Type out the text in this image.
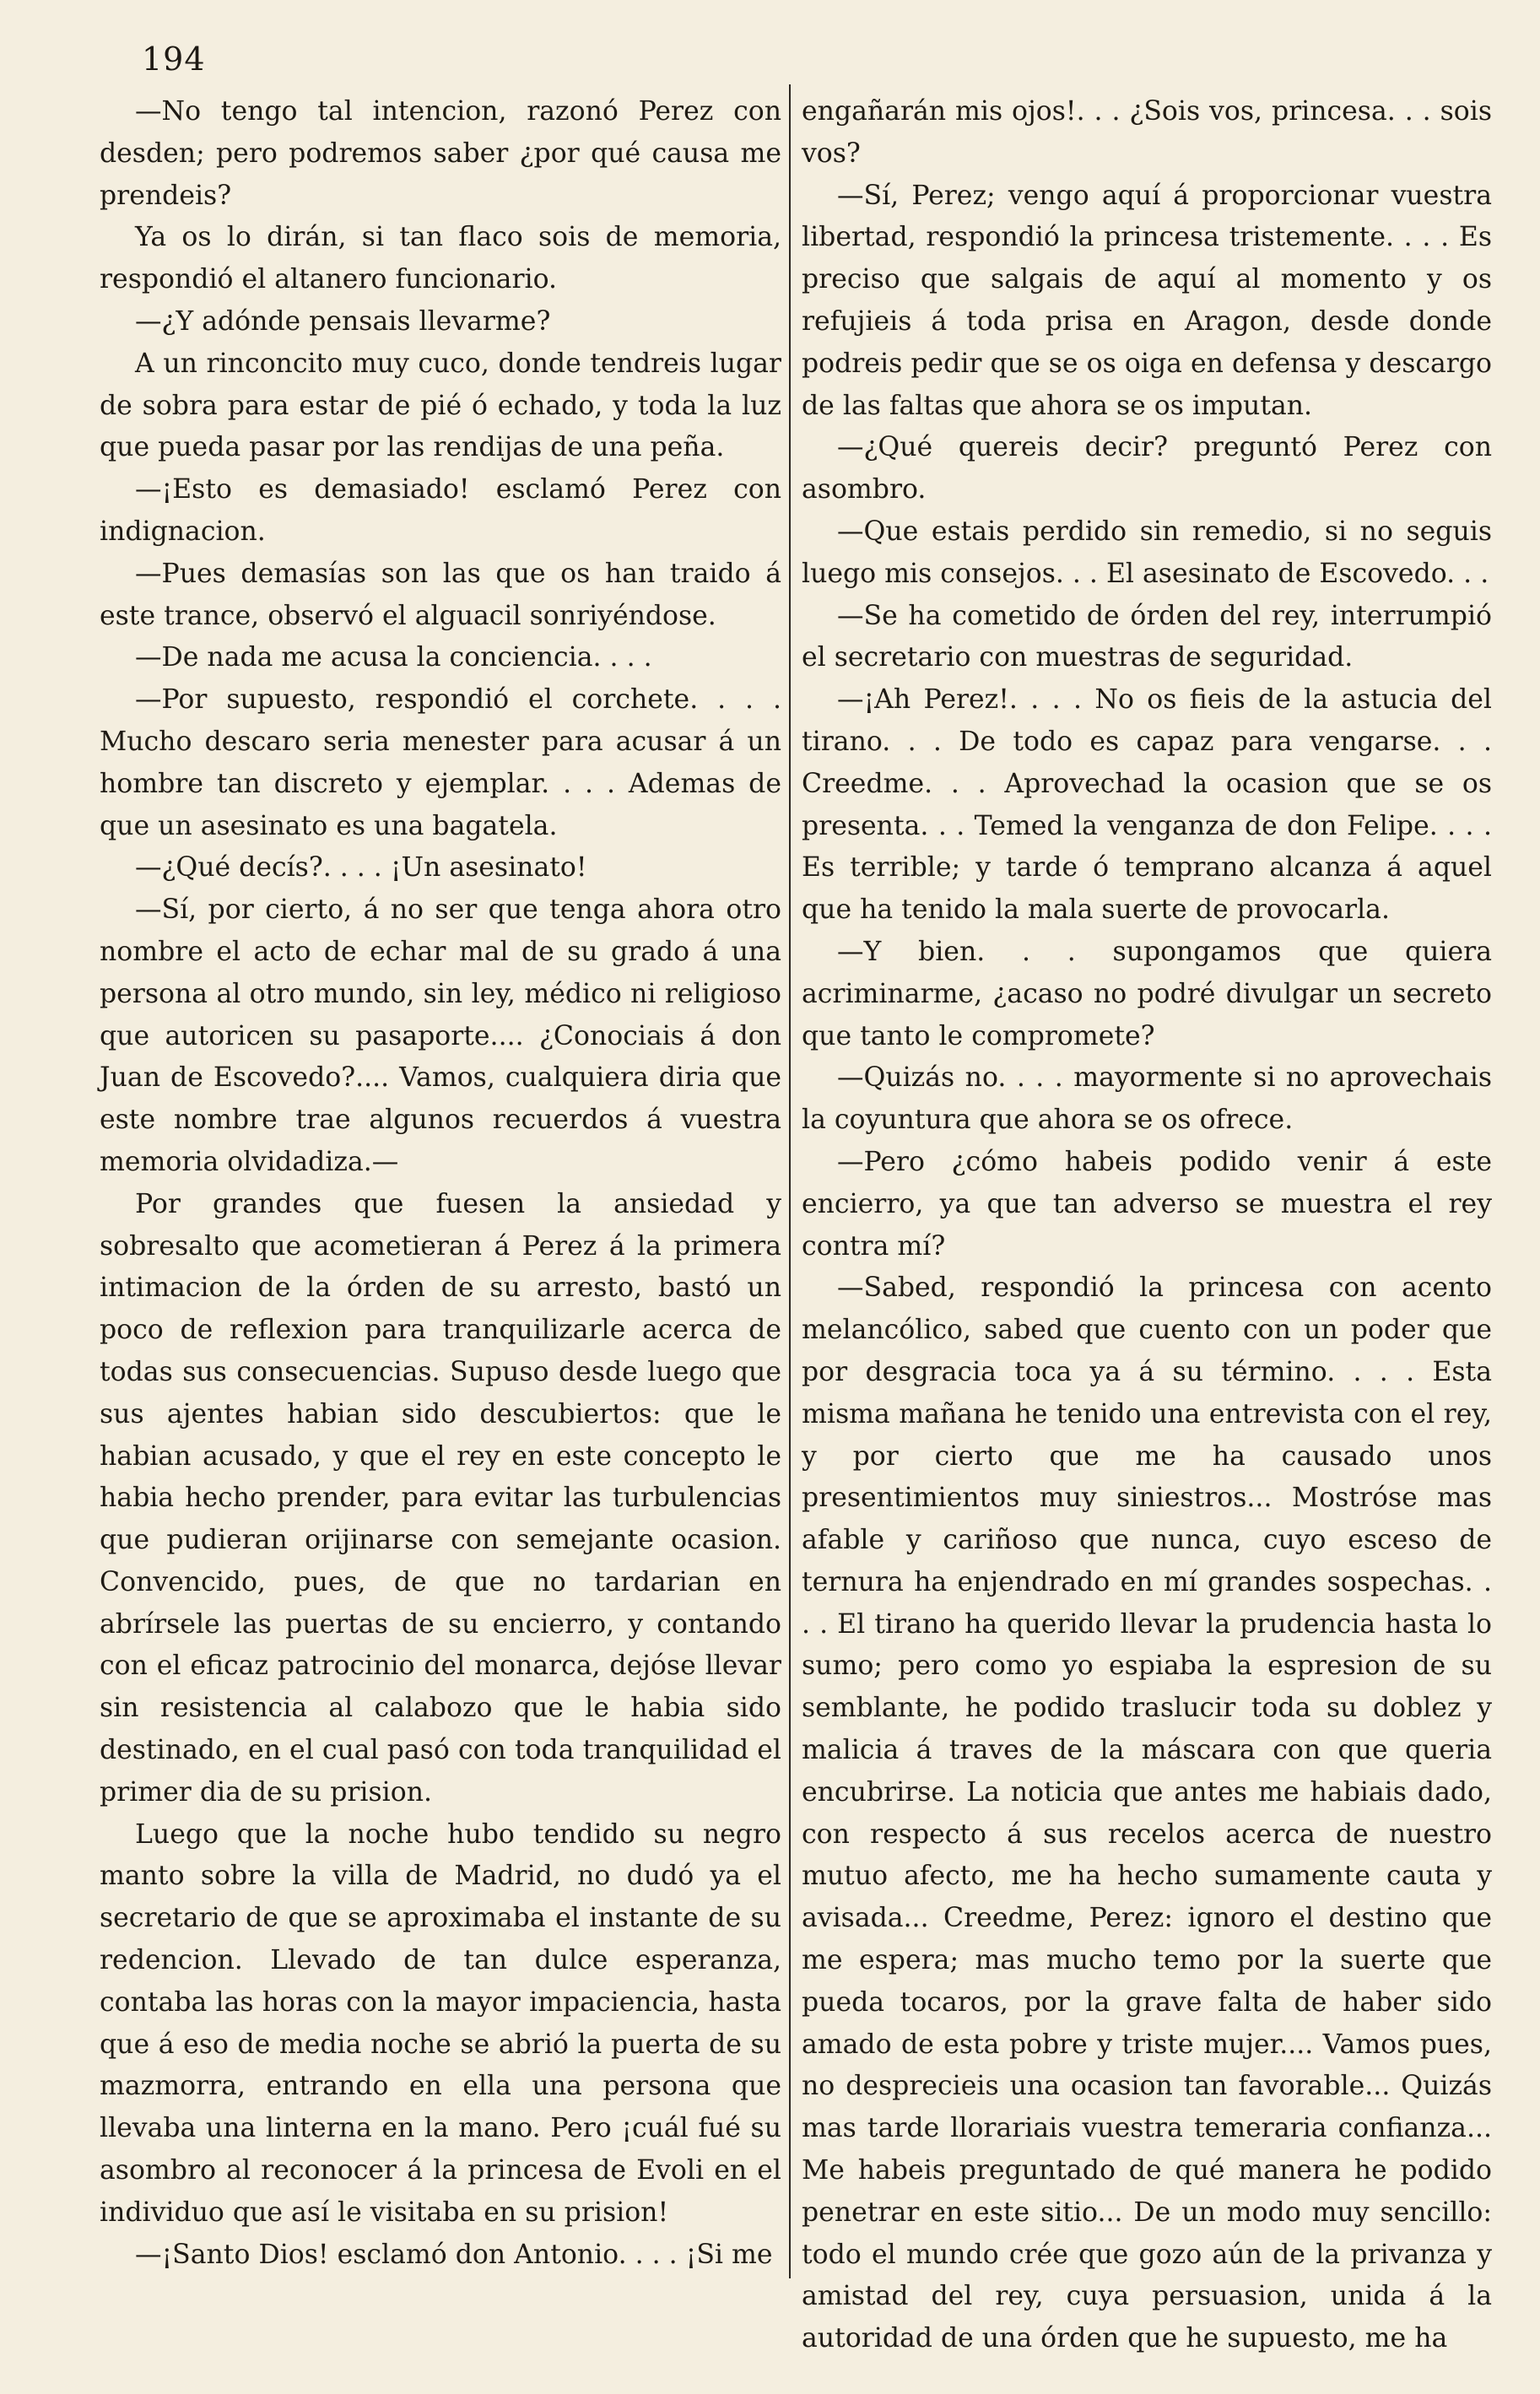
194

—No tengo tal intencion, razonó Perez con desden; pero podremos saber ¿por qué causa me prendeis?

Ya os lo dirán, si tan flaco sois de memoria, respondió el altanero funcionario.

—¿Y adónde pensais llevarme?

A un rinconcito muy cuco, donde tendreis lugar de sobra para estar de pié ó echado, y toda la luz que pueda pasar por las rendijas de una peña.

—¡Esto es demasiado! esclamó Perez con indignacion.

—Pues demasías son las que os han traido á este trance, observó el alguacil sonriyéndose.

—De nada me acusa la conciencia. . . .

—Por supuesto, respondió el corchete. . . . Mucho descaro seria menester para acusar á un hombre tan discreto y ejemplar. . . . Ademas de que un asesinato es una bagatela.

—¿Qué decís?. . . . ¡Un asesinato!

—Sí, por cierto, á no ser que tenga ahora otro nombre el acto de echar mal de su grado á una persona al otro mundo, sin ley, médico ni religioso que autoricen su pasaporte.... ¿Conociais á don Juan de Escovedo?.... Vamos, cualquiera diria que este nombre trae algunos recuerdos á vuestra memoria olvidadiza.—

Por grandes que fuesen la ansiedad y sobresalto que acometieran á Perez á la primera intimacion de la órden de su arresto, bastó un poco de reflexion para tranquilizarle acerca de todas sus consecuencias. Supuso desde luego que sus ajentes habian sido descubiertos: que le habian acusado, y que el rey en este concepto le habia hecho prender, para evitar las turbulencias que pudieran orijinarse con semejante ocasion. Convencido, pues, de que no tardarian en abrírsele las puertas de su encierro, y contando con el eficaz patrocinio del monarca, dejóse llevar sin resistencia al calabozo que le habia sido destinado, en el cual pasó con toda tranquilidad el primer dia de su prision.

Luego que la noche hubo tendido su negro manto sobre la villa de Madrid, no dudó ya el secretario de que se aproximaba el instante de su redencion. Llevado de tan dulce esperanza, contaba las horas con la mayor impaciencia, hasta que á eso de media noche se abrió la puerta de su mazmorra, entrando en ella una persona que llevaba una linterna en la mano. Pero ¡cuál fué su asombro al reconocer á la princesa de Evoli en el individuo que así le visitaba en su prision!

—¡Santo Dios! esclamó don Antonio. . . . ¡Si me

engañarán mis ojos!. . . ¿Sois vos, princesa. . . sois vos?

—Sí, Perez; vengo aquí á proporcionar vuestra libertad, respondió la princesa tristemente. . . . Es preciso que salgais de aquí al momento y os refujieis á toda prisa en Aragon, desde donde podreis pedir que se os oiga en defensa y descargo de las faltas que ahora se os imputan.

—¿Qué quereis decir? preguntó Perez con asombro.

—Que estais perdido sin remedio, si no seguis luego mis consejos. . . El asesinato de Escovedo. . .

—Se ha cometido de órden del rey, interrumpió el secretario con muestras de seguridad.

—¡Ah Perez!. . . . No os fieis de la astucia del tirano. . . De todo es capaz para vengarse. . . Creedme. . . Aprovechad la ocasion que se os presenta. . . Temed la venganza de don Felipe. . . . Es terrible; y tarde ó temprano alcanza á aquel que ha tenido la mala suerte de provocarla.

—Y bien. . . supongamos que quiera acriminarme, ¿acaso no podré divulgar un secreto que tanto le compromete?

—Quizás no. . . . mayormente si no aprovechais la coyuntura que ahora se os ofrece.

—Pero ¿cómo habeis podido venir á este encierro, ya que tan adverso se muestra el rey contra mí?

—Sabed, respondió la princesa con acento melancólico, sabed que cuento con un poder que por desgracia toca ya á su término. . . . Esta misma mañana he tenido una entrevista con el rey, y por cierto que me ha causado unos presentimientos muy siniestros... Mostróse mas afable y cariñoso que nunca, cuyo esceso de ternura ha enjendrado en mí grandes sospechas. . . . El tirano ha querido llevar la prudencia hasta lo sumo; pero como yo espiaba la espresion de su semblante, he podido traslucir toda su doblez y malicia á traves de la máscara con que queria encubrirse. La noticia que antes me habiais dado, con respecto á sus recelos acerca de nuestro mutuo afecto, me ha hecho sumamente cauta y avisada... Creedme, Perez: ignoro el destino que me espera; mas mucho temo por la suerte que pueda tocaros, por la grave falta de haber sido amado de esta pobre y triste mujer.... Vamos pues, no desprecieis una ocasion tan favorable... Quizás mas tarde llorariais vuestra temeraria confianza... Me habeis preguntado de qué manera he podido penetrar en este sitio... De un modo muy sencillo: todo el mundo crée que gozo aún de la privanza y amistad del rey, cuya persuasion, unida á la autoridad de una órden que he supuesto, me ha
